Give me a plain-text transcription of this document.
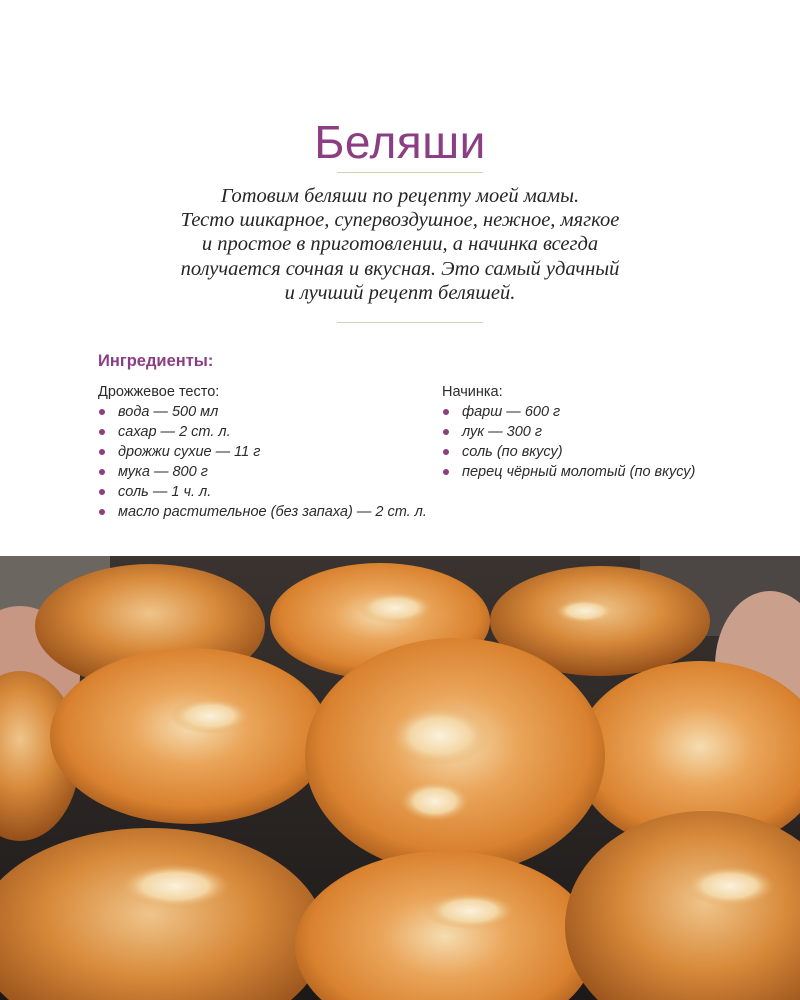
Беляши
Готовим беляши по рецепту моей мамы.
Тесто шикарное, супервоздушное, нежное, мягкое
и простое в приготовлении, а начинка всегда
получается сочная и вкусная. Это самый удачный
и лучший рецепт беляшей.
Ингредиенты:
Дрожжевое тесто:
вода — 500 мл
сахар — 2 ст. л.
дрожжи сухие — 11 г
мука — 800 г
соль — 1 ч. л.
масло растительное (без запаха) — 2 ст. л.
Начинка:
фарш — 600 г
лук — 300 г
соль (по вкусу)
перец чёрный молотый (по вкусу)
